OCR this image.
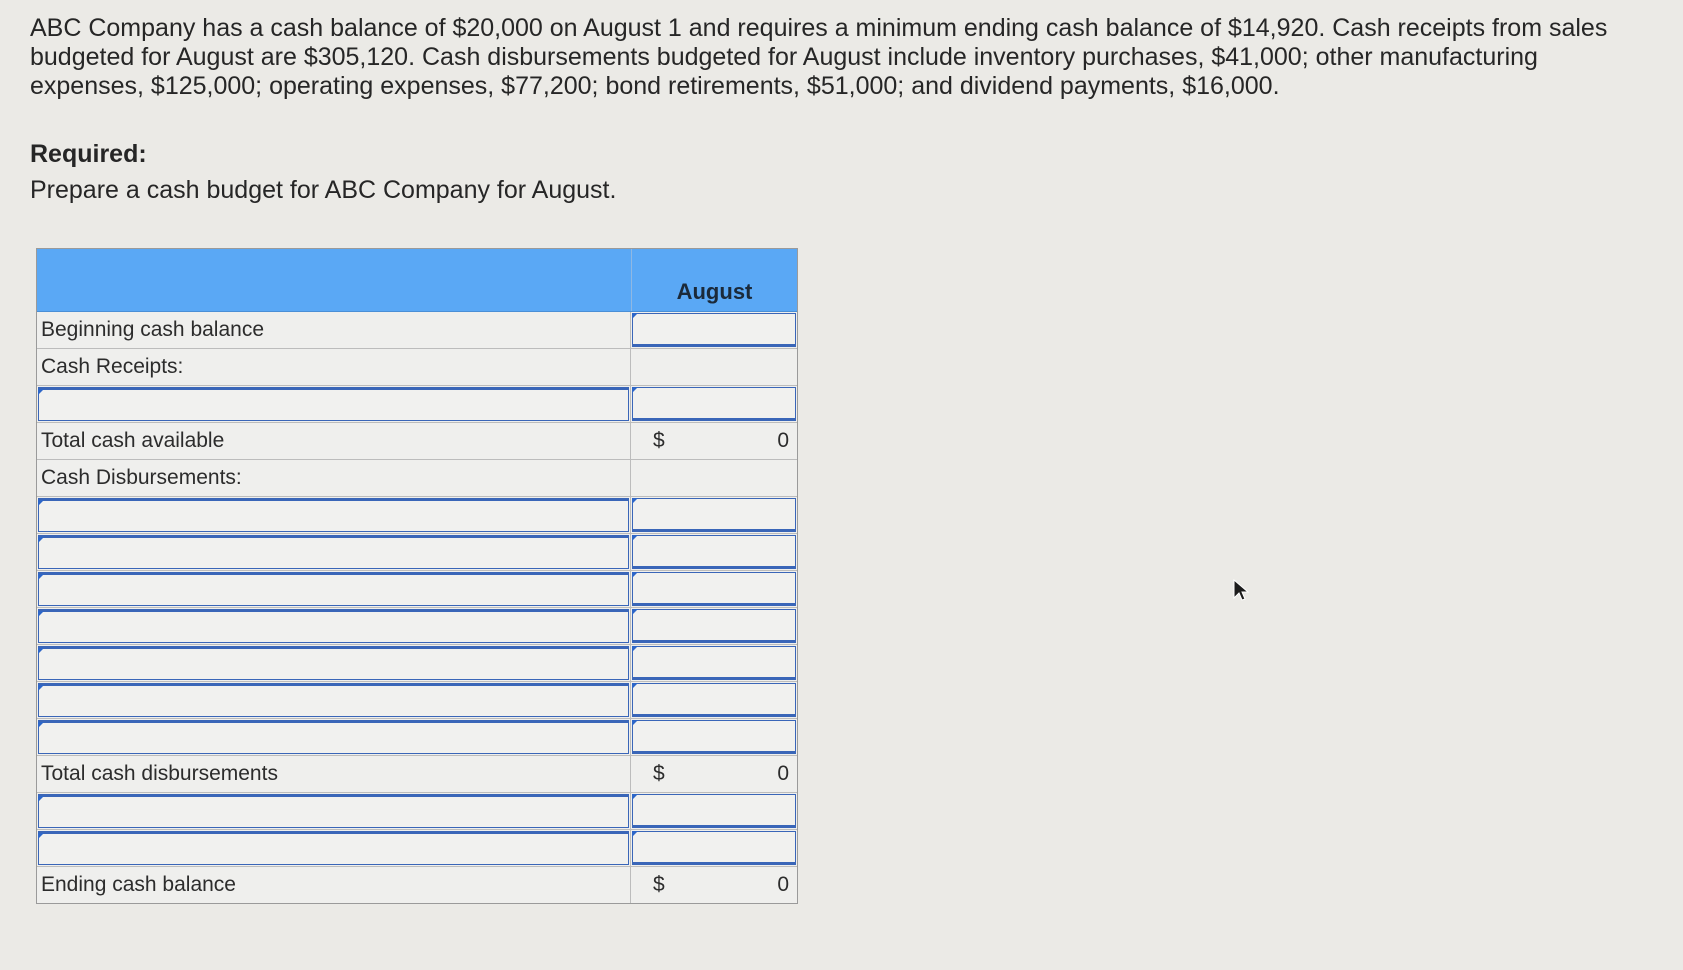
ABC Company has a cash balance of $20,000 on August 1 and requires a minimum ending cash balance of $14,920. Cash receipts from sales budgeted for August are $305,120. Cash disbursements budgeted for August include inventory purchases, $41,000; other manufacturing expenses, $125,000; operating expenses, $77,200; bond retirements, $51,000; and dividend payments, $16,000.

Required:
Prepare a cash budget for ABC Company for August.
August
Beginning cash balance
Cash Receipts:
Total cash available	$	0
Cash Disbursements:
Total cash disbursements	$	0
Ending cash balance	$	0
